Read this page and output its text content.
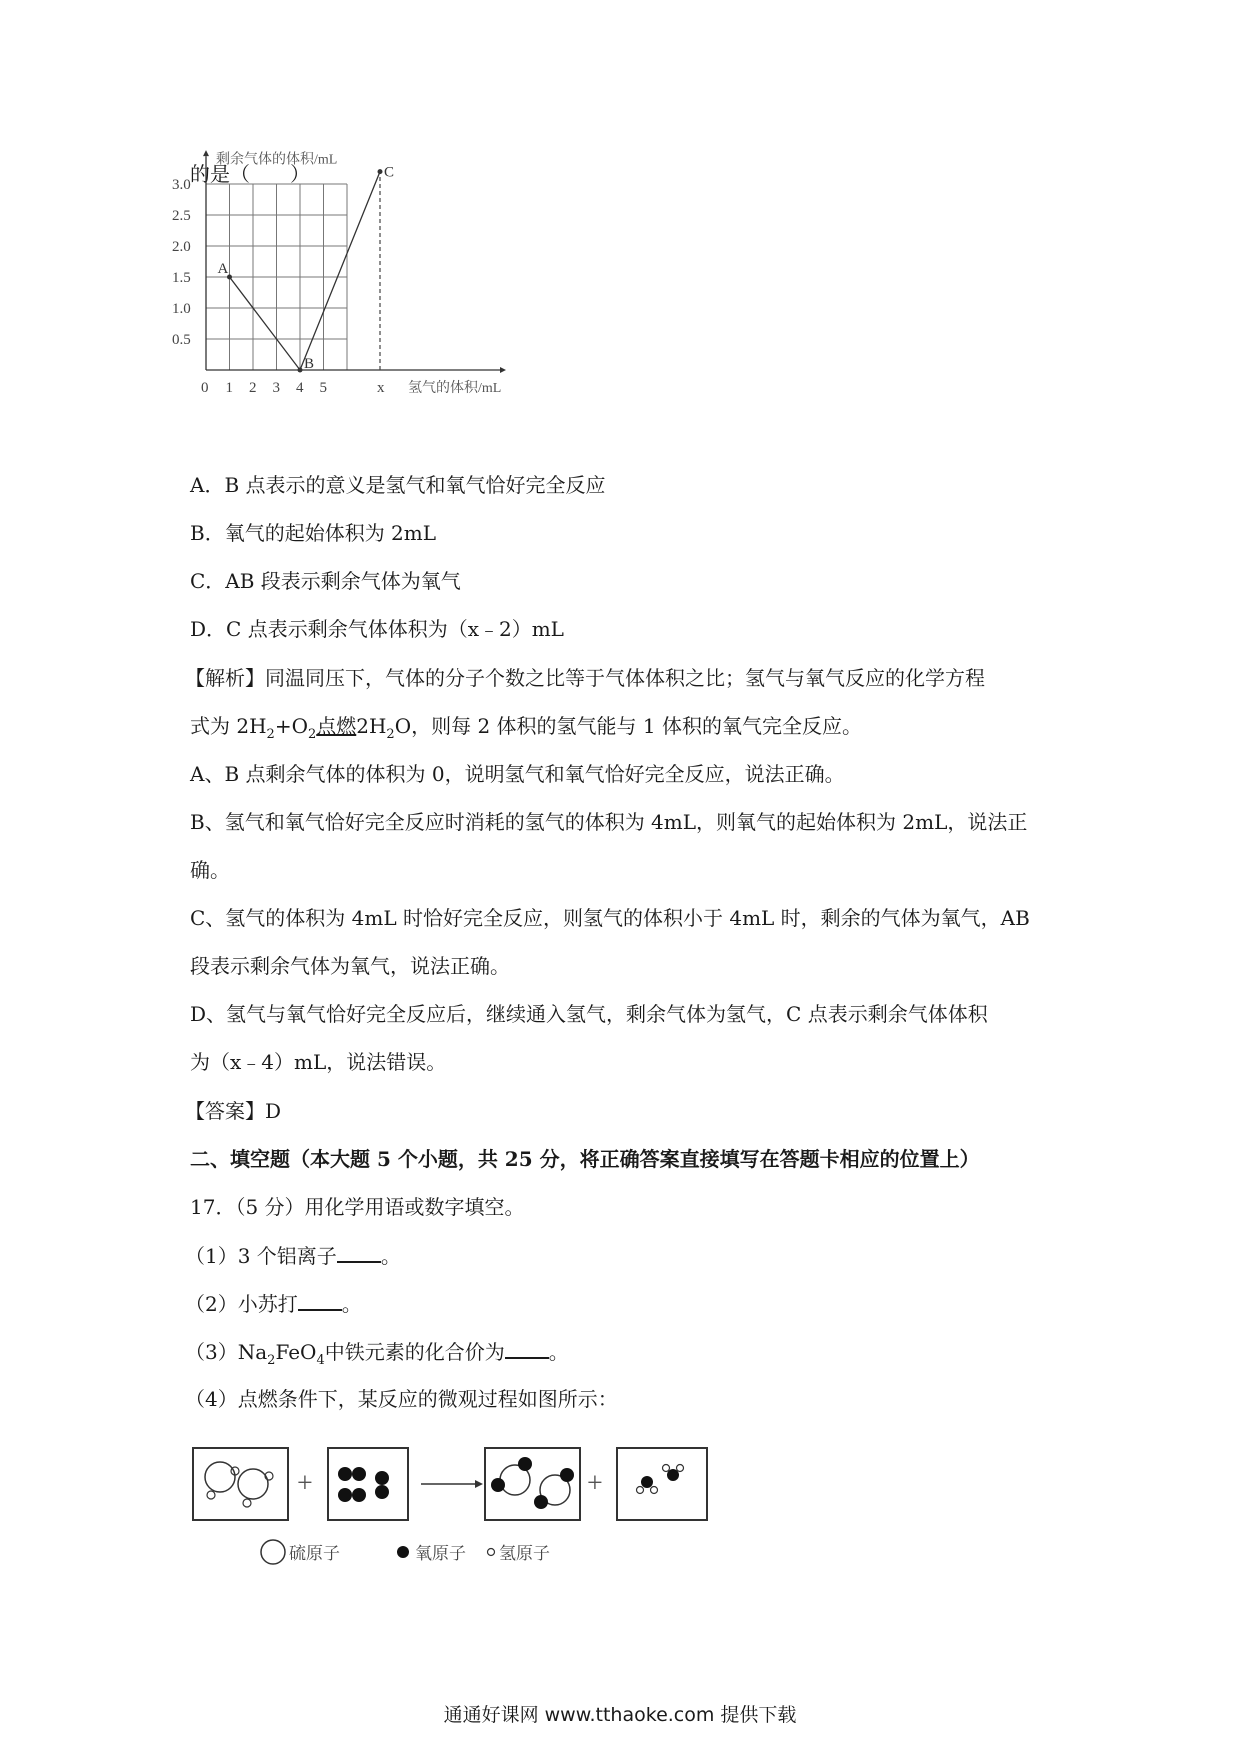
的是（　　）
3.0
2.5
2.0
1.5
1.0
0.5
0 1 2 3 4 5	x
剩余气体的体积/mL
氢气的体积/mL
A
B
C
A．B 点表示的意义是氢气和氧气恰好完全反应
B．氧气的起始体积为 2mL
C．AB 段表示剩余气体为氧气
D．C 点表示剩余气体体积为（x﹣2）mL
【解析】同温同压下，气体的分子个数之比等于气体体积之比；氢气与氧气反应的化学方程
式为 $2H_2+O_2$点燃$2H_2O$，则每 2 体积的氢气能与 1 体积的氧气完全反应。
A、B 点剩余气体的体积为 0，说明氢气和氧气恰好完全反应，说法正确。
B、氢气和氧气恰好完全反应时消耗的氢气的体积为 4mL，则氧气的起始体积为 2mL，说法正
确。
C、氢气的体积为 4mL 时恰好完全反应，则氢气的体积小于 4mL 时，剩余的气体为氧气，AB
段表示剩余气体为氧气，说法正确。
D、氢气与氧气恰好完全反应后，继续通入氢气，剩余气体为氢气，C 点表示剩余气体体积
为（x﹣4）mL，说法错误。
【答案】D
二、填空题（本大题 5 个小题，共 25 分，将正确答案直接填写在答题卡相应的位置上）
17．（5 分）用化学用语或数字填空。
（1）3 个铝离子 。
（2）小苏打 。
$(3)Na_2FeO_4$中铁元素的化合价为 。
（4）点燃条件下，某反应的微观过程如图所示：
+	+
硫原子	氧原子 氢原子
通通好课网 www.tthaoke.com 提供下载
